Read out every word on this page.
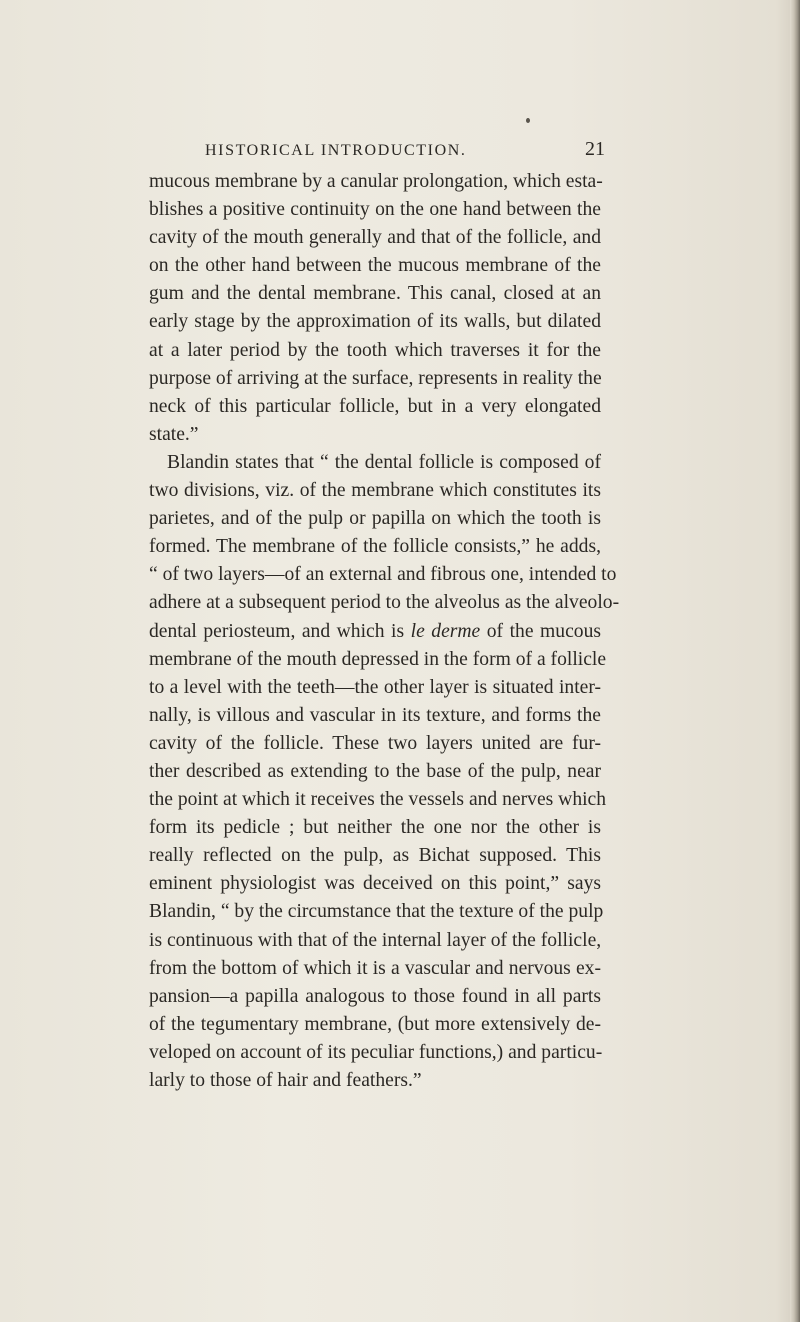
HISTORICAL INTRODUCTION.	21
mucous membrane by a canular prolongation, which esta-
blishes a positive continuity on the one hand between the
cavity of the mouth generally and that of the follicle, and
on the other hand between the mucous membrane of the
gum and the dental membrane. This canal, closed at an
early stage by the approximation of its walls, but dilated
at a later period by the tooth which traverses it for the
purpose of arriving at the surface, represents in reality the
neck of this particular follicle, but in a very elongated
state.”
Blandin states that “ the dental follicle is composed of
two divisions, viz. of the membrane which constitutes its
parietes, and of the pulp or papilla on which the tooth is
formed. The membrane of the follicle consists,” he adds,
“ of two layers—of an external and fibrous one, intended to
adhere at a subsequent period to the alveolus as the alveolo-
dental periosteum, and which is le derme of the mucous
membrane of the mouth depressed in the form of a follicle
to a level with the teeth—the other layer is situated inter-
nally, is villous and vascular in its texture, and forms the
cavity of the follicle. These two layers united are fur-
ther described as extending to the base of the pulp, near
the point at which it receives the vessels and nerves which
form its pedicle ; but neither the one nor the other is
really reflected on the pulp, as Bichat supposed. This
eminent physiologist was deceived on this point,” says
Blandin, “ by the circumstance that the texture of the pulp
is continuous with that of the internal layer of the follicle,
from the bottom of which it is a vascular and nervous ex-
pansion—a papilla analogous to those found in all parts
of the tegumentary membrane, (but more extensively de-
veloped on account of its peculiar functions,) and particu-
larly to those of hair and feathers.”
